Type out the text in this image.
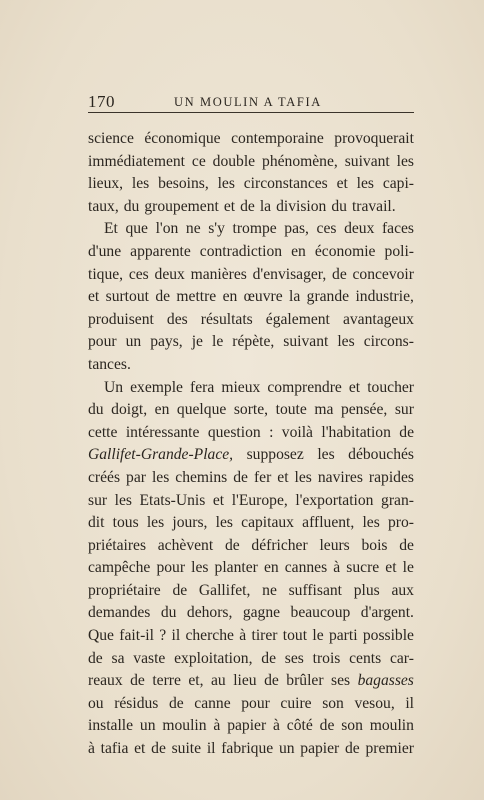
170	UN MOULIN A TAFIA
science économique contemporaine provoquerait
immédiatement ce double phénomène, suivant les
lieux, les besoins, les circonstances et les capi-
taux, du groupement et de la division du travail.
Et que l'on ne s'y trompe pas, ces deux faces
d'une apparente contradiction en économie poli-
tique, ces deux manières d'envisager, de concevoir
et surtout de mettre en œuvre la grande industrie,
produisent des résultats également avantageux
pour un pays, je le répète, suivant les circons-
tances.
Un exemple fera mieux comprendre et toucher
du doigt, en quelque sorte, toute ma pensée, sur
cette intéressante question : voilà l'habitation de
Gallifet-Grande-Place, supposez les débouchés
créés par les chemins de fer et les navires rapides
sur les Etats-Unis et l'Europe, l'exportation gran-
dit tous les jours, les capitaux affluent, les pro-
priétaires achèvent de défricher leurs bois de
campêche pour les planter en cannes à sucre et le
propriétaire de Gallifet, ne suffisant plus aux
demandes du dehors, gagne beaucoup d'argent.
Que fait-il ? il cherche à tirer tout le parti possible
de sa vaste exploitation, de ses trois cents car-
reaux de terre et, au lieu de brûler ses bagasses
ou résidus de canne pour cuire son vesou, il
installe un moulin à papier à côté de son moulin
à tafia et de suite il fabrique un papier de premier
